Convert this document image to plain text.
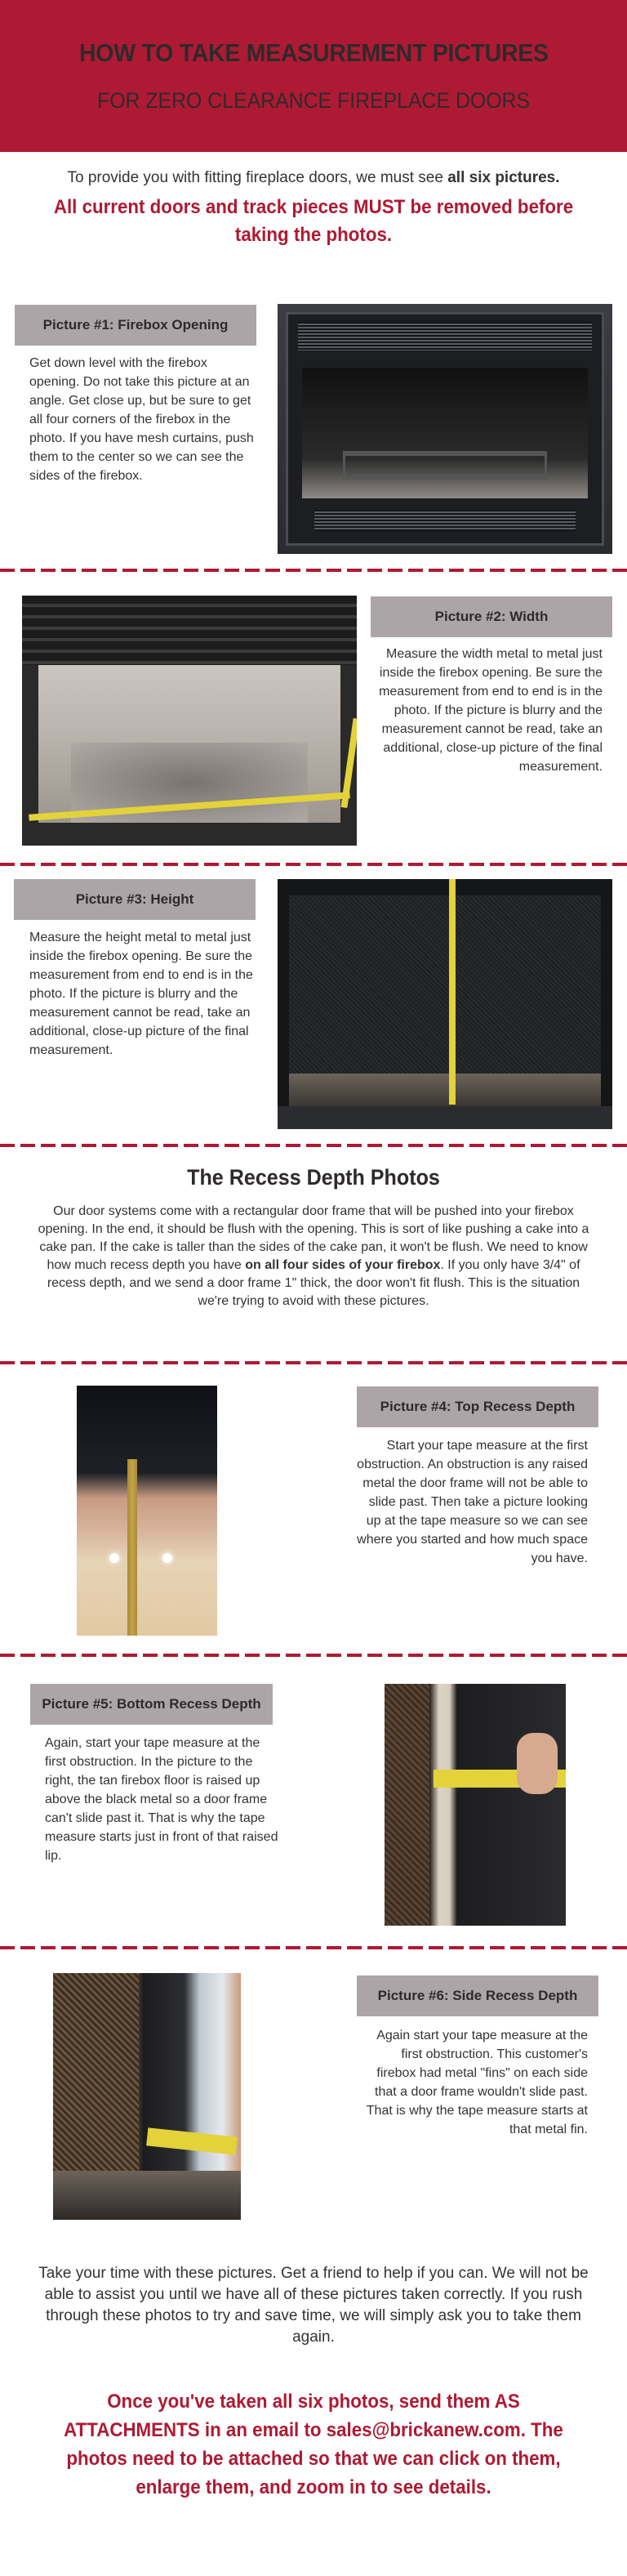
HOW TO TAKE MEASUREMENT PICTURES
FOR ZERO CLEARANCE FIREPLACE DOORS

To provide you with fitting fireplace doors, we must see all six pictures.

All current doors and track pieces MUST be removed before taking the photos.

Picture #1: Firebox Opening

Get down level with the firebox opening. Do not take this picture at an angle. Get close up, but be sure to get all four corners of the firebox in the photo. If you have mesh curtains, push them to the center so we can see the sides of the firebox.

Picture #2: Width

Measure the width metal to metal just inside the firebox opening. Be sure the measurement from end to end is in the photo. If the picture is blurry and the measurement cannot be read, take an additional, close-up picture of the final measurement.

Picture #3: Height

Measure the height metal to metal just inside the firebox opening. Be sure the measurement from end to end is in the photo. If the picture is blurry and the measurement cannot be read, take an additional, close-up picture of the final measurement.

The Recess Depth Photos

Our door systems come with a rectangular door frame that will be pushed into your firebox opening. In the end, it should be flush with the opening. This is sort of like pushing a cake into a cake pan. If the cake is taller than the sides of the cake pan, it won't be flush. We need to know how much recess depth you have on all four sides of your firebox. If you only have 3/4" of recess depth, and we send a door frame 1" thick, the door won't fit flush. This is the situation we're trying to avoid with these pictures.

Picture #4: Top Recess Depth

Start your tape measure at the first obstruction. An obstruction is any raised metal the door frame will not be able to slide past. Then take a picture looking up at the tape measure so we can see where you started and how much space you have.

Picture #5: Bottom Recess Depth

Again, start your tape measure at the first obstruction. In the picture to the right, the tan firebox floor is raised up above the black metal so a door frame can't slide past it. That is why the tape measure starts just in front of that raised lip.

Picture #6: Side Recess Depth

Again start your tape measure at the first obstruction. This customer's firebox had metal "fins" on each side that a door frame wouldn't slide past. That is why the tape measure starts at that metal fin.

Take your time with these pictures. Get a friend to help if you can. We will not be able to assist you until we have all of these pictures taken correctly. If you rush through these photos to try and save time, we will simply ask you to take them again.

Once you've taken all six photos, send them AS ATTACHMENTS in an email to sales@brickanew.com. The photos need to be attached so that we can click on them, enlarge them, and zoom in to see details.
